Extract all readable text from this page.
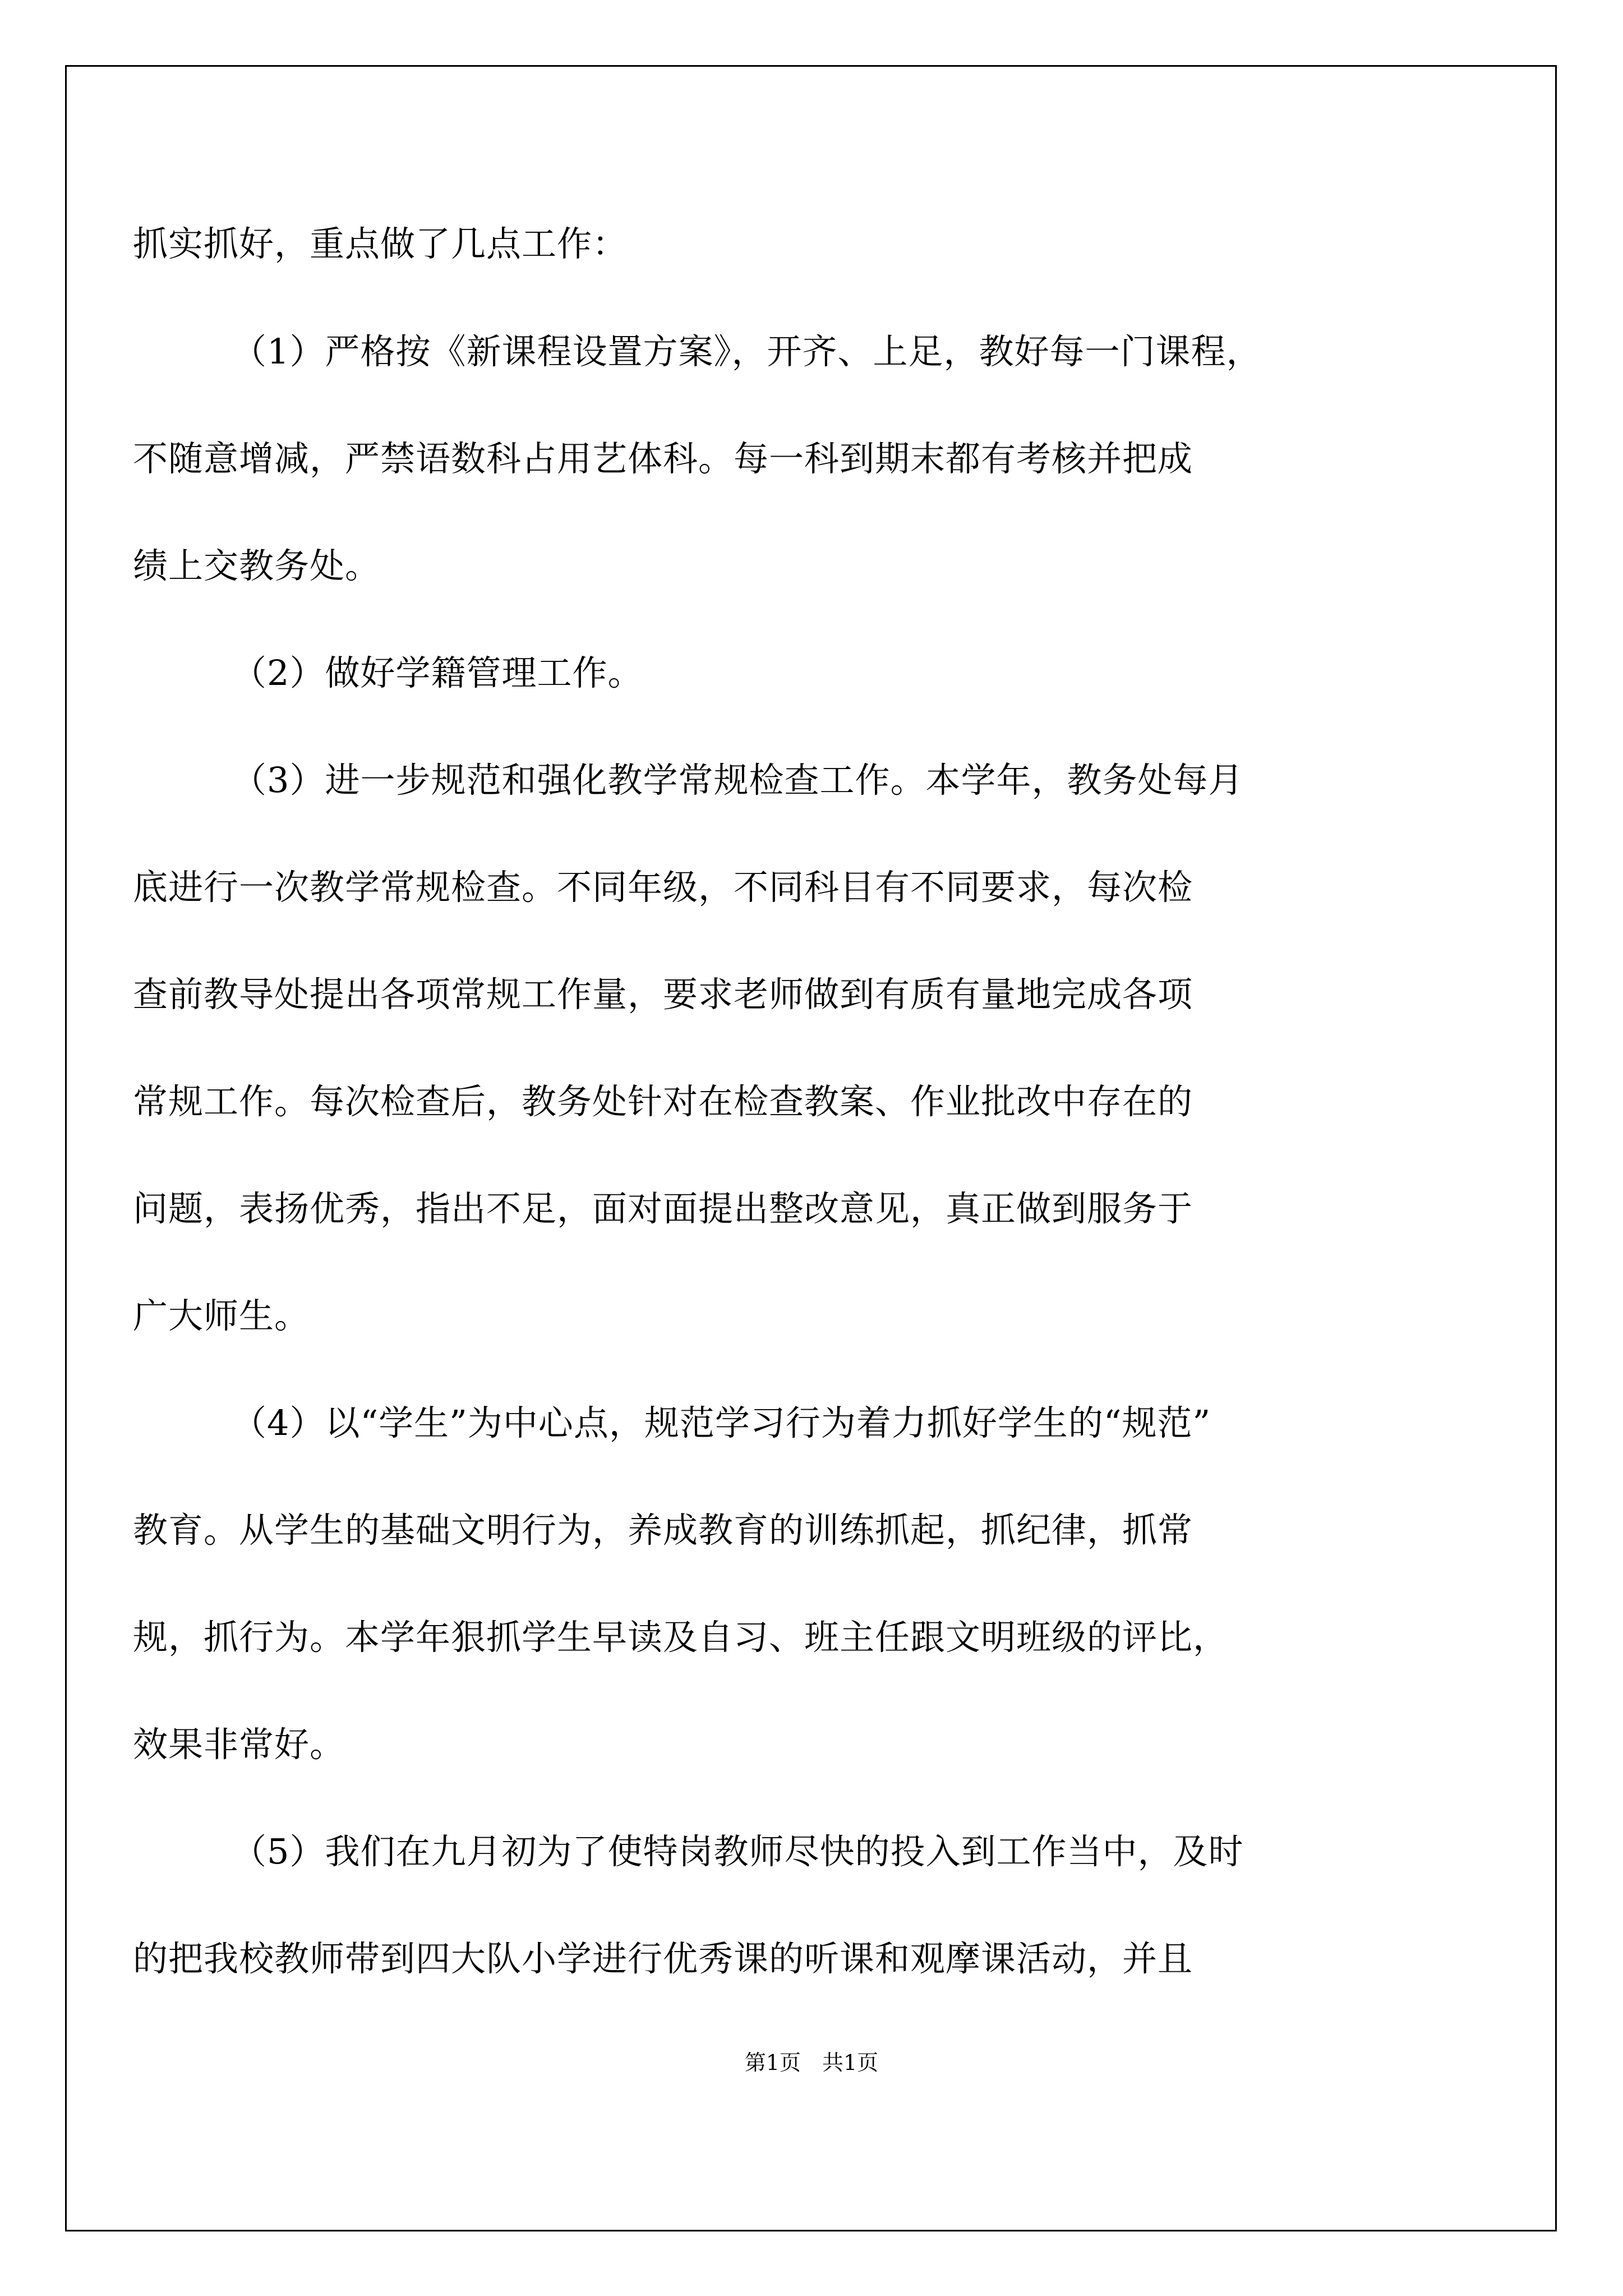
抓实抓好，重点做了几点工作：
（1）严格按《新课程设置方案》，开齐、上足，教好每一门课程，
不随意增减，严禁语数科占用艺体科。每一科到期末都有考核并把成
绩上交教务处。
（2）做好学籍管理工作。
（3）进一步规范和强化教学常规检查工作。本学年，教务处每月
底进行一次教学常规检查。不同年级，不同科目有不同要求，每次检
查前教导处提出各项常规工作量，要求老师做到有质有量地完成各项
常规工作。每次检查后，教务处针对在检查教案、作业批改中存在的
问题，表扬优秀，指出不足，面对面提出整改意见，真正做到服务于
广大师生。
（4）以“学生”为中心点，规范学习行为着力抓好学生的“规范”
教育。从学生的基础文明行为，养成教育的训练抓起，抓纪律，抓常
规，抓行为。本学年狠抓学生早读及自习、班主任跟文明班级的评比，
效果非常好。
（5）我们在九月初为了使特岗教师尽快的投入到工作当中，及时
的把我校教师带到四大队小学进行优秀课的听课和观摩课活动，并且
第1页　共1页
